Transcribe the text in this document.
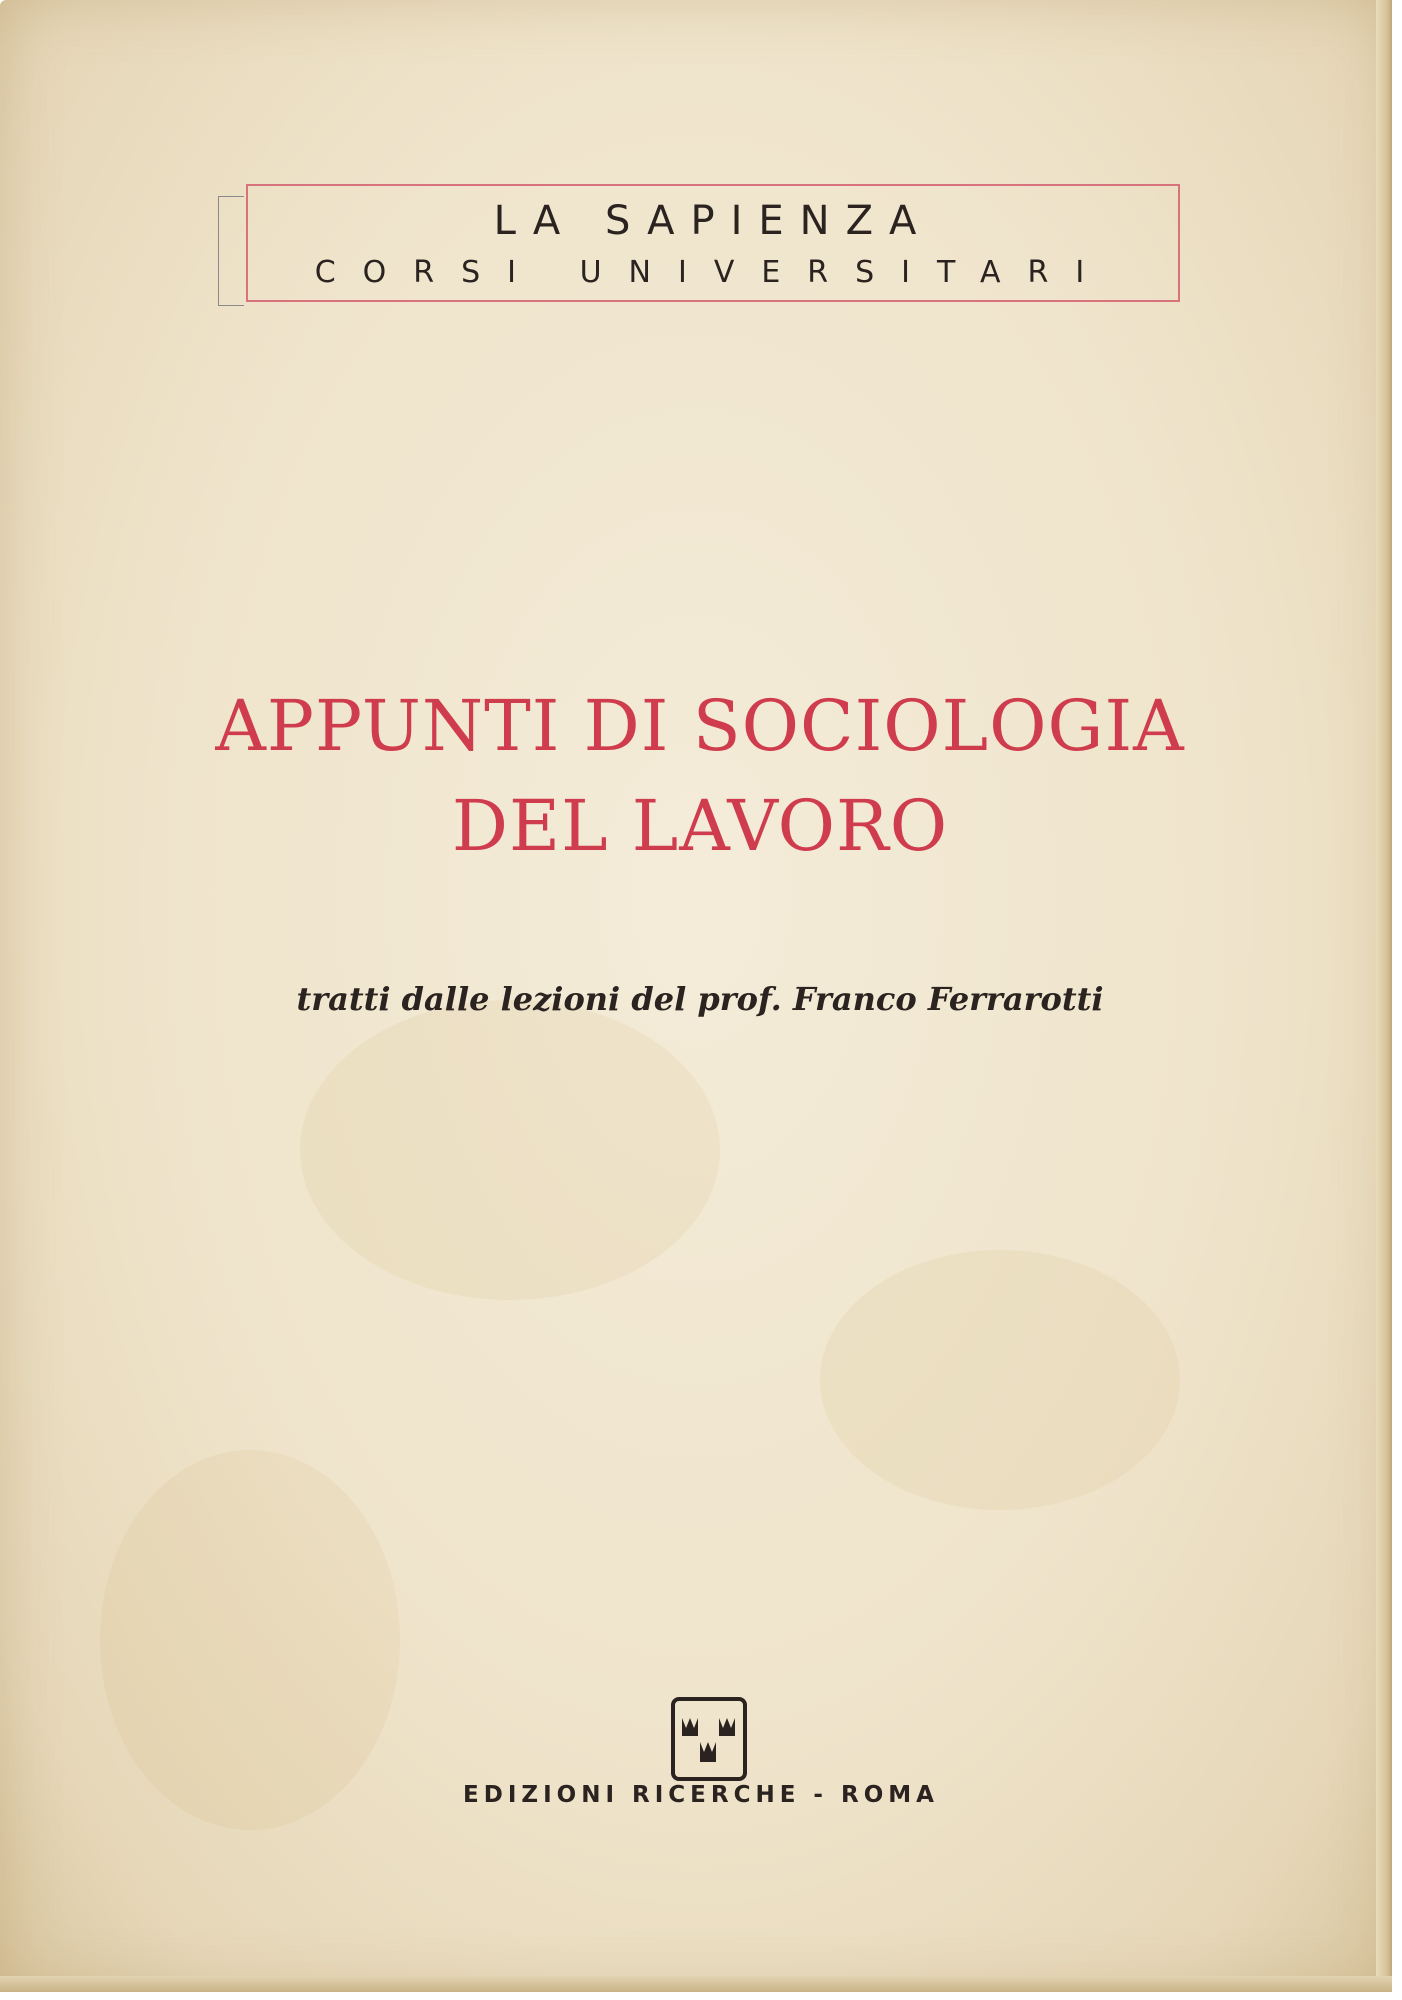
LA SAPIENZA

CORSI UNIVERSITARI

APPUNTI DI SOCIOLOGIA
DEL LAVORO

tratti dalle lezioni del prof. Franco Ferrarotti

EDIZIONI RICERCHE - ROMA
